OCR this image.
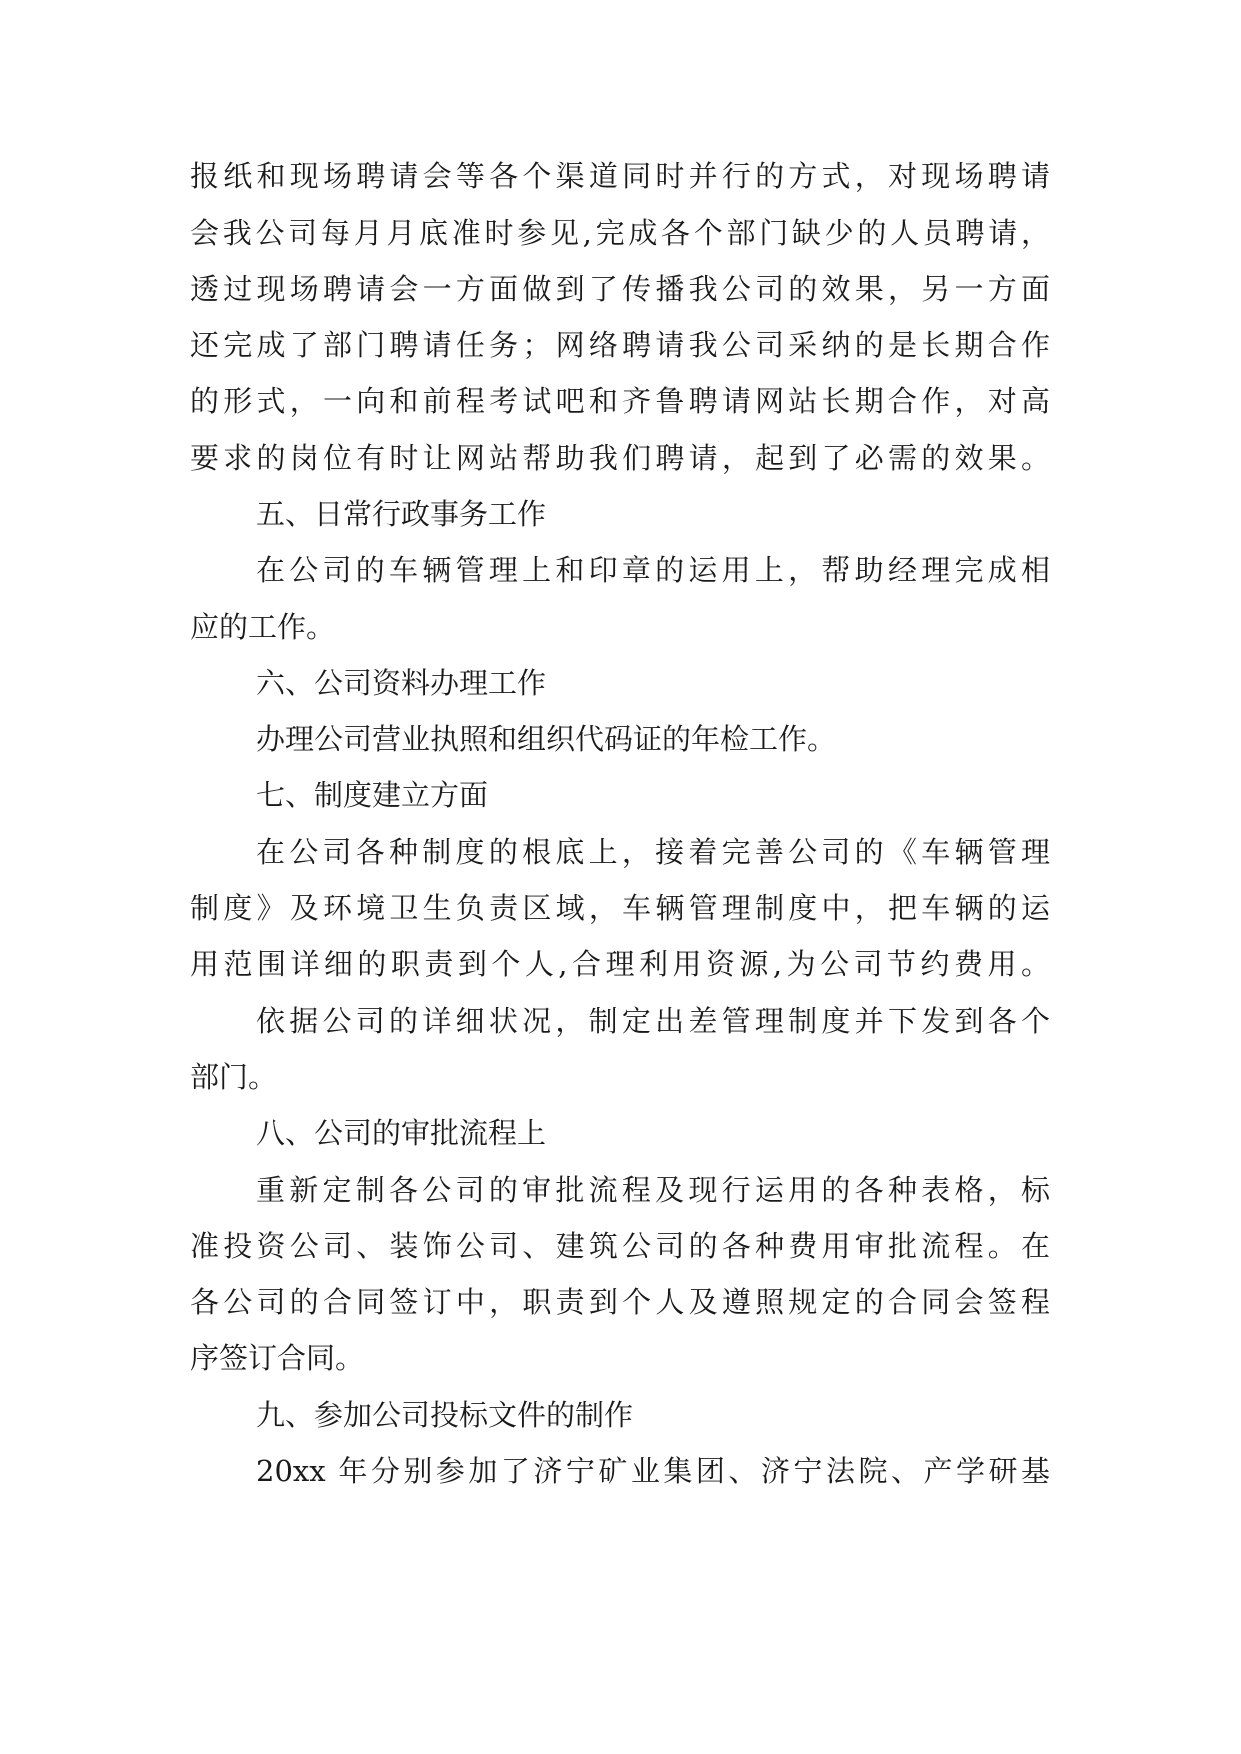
报纸和现场聘请会等各个渠道同时并行的方式，对现场聘请
会我公司每月月底准时参见,完成各个部门缺少的人员聘请，
透过现场聘请会一方面做到了传播我公司的效果，另一方面
还完成了部门聘请任务；网络聘请我公司采纳的是长期合作
的形式，一向和前程考试吧和齐鲁聘请网站长期合作，对高
要求的岗位有时让网站帮助我们聘请，起到了必需的效果。
五、日常行政事务工作
在公司的车辆管理上和印章的运用上，帮助经理完成相
应的工作。
六、公司资料办理工作
办理公司营业执照和组织代码证的年检工作。
七、制度建立方面
在公司各种制度的根底上，接着完善公司的《车辆管理
制度》及环境卫生负责区域，车辆管理制度中，把车辆的运
用范围详细的职责到个人,合理利用资源,为公司节约费用。
依据公司的详细状况，制定出差管理制度并下发到各个
部门。
八、公司的审批流程上
重新定制各公司的审批流程及现行运用的各种表格，标
准投资公司、装饰公司、建筑公司的各种费用审批流程。在
各公司的合同签订中，职责到个人及遵照规定的合同会签程
序签订合同。
九、参加公司投标文件的制作
20xx 年分别参加了济宁矿业集团、济宁法院、产学研基
